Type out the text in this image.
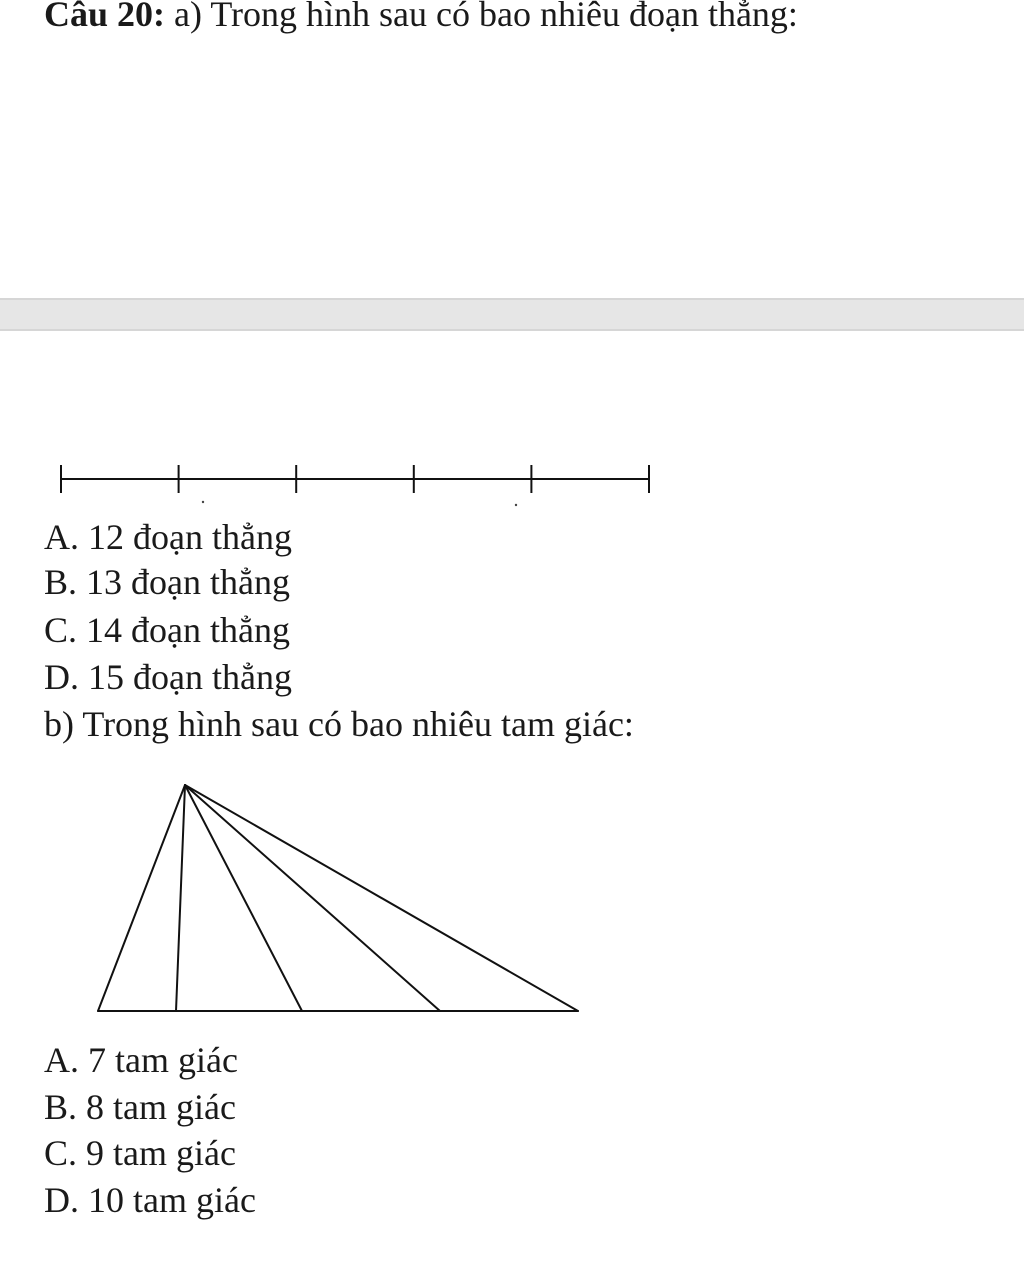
Câu 20: a) Trong hình sau có bao nhiêu đoạn thẳng:
A. 12 đoạn thẳng
B. 13 đoạn thẳng
C. 14 đoạn thẳng
D. 15 đoạn thẳng
b) Trong hình sau có bao nhiêu tam giác:
A. 7 tam giác
B. 8 tam giác
C. 9 tam giác
D. 10 tam giác
